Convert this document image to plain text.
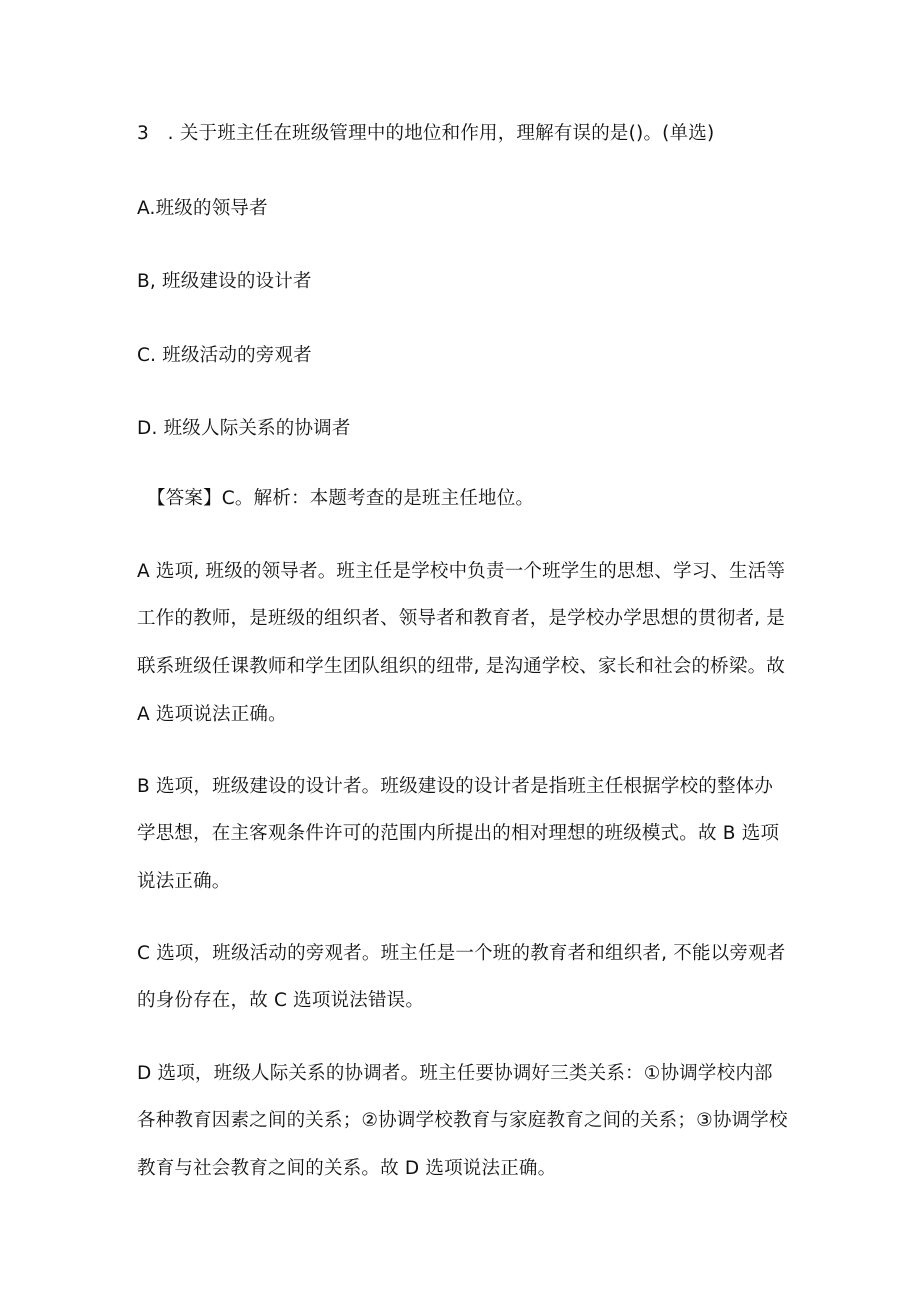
3　. 关于班主任在班级管理中的地位和作用，理解有误的是()。(单选)
A.班级的领导者
B, 班级建设的设计者
C. 班级活动的旁观者
D. 班级人际关系的协调者
【答案】C。解析：本题考查的是班主任地位。
A 选项, 班级的领导者。班主任是学校中负责一个班学生的思想、学习、生活等
工作的教师，是班级的组织者、领导者和教育者，是学校办学思想的贯彻者, 是
联系班级任课教师和学生团队组织的纽带, 是沟通学校、家长和社会的桥梁。故
A 选项说法正确。
B 选项，班级建设的设计者。班级建设的设计者是指班主任根据学校的整体办
学思想，在主客观条件许可的范围内所提出的相对理想的班级模式。故 B 选项
说法正确。
C 选项，班级活动的旁观者。班主任是一个班的教育者和组织者, 不能以旁观者
的身份存在，故 C 选项说法错误。
D 选项，班级人际关系的协调者。班主任要协调好三类关系：①协调学校内部
各种教育因素之间的关系；②协调学校教育与家庭教育之间的关系；③协调学校
教育与社会教育之间的关系。故 D 选项说法正确。
